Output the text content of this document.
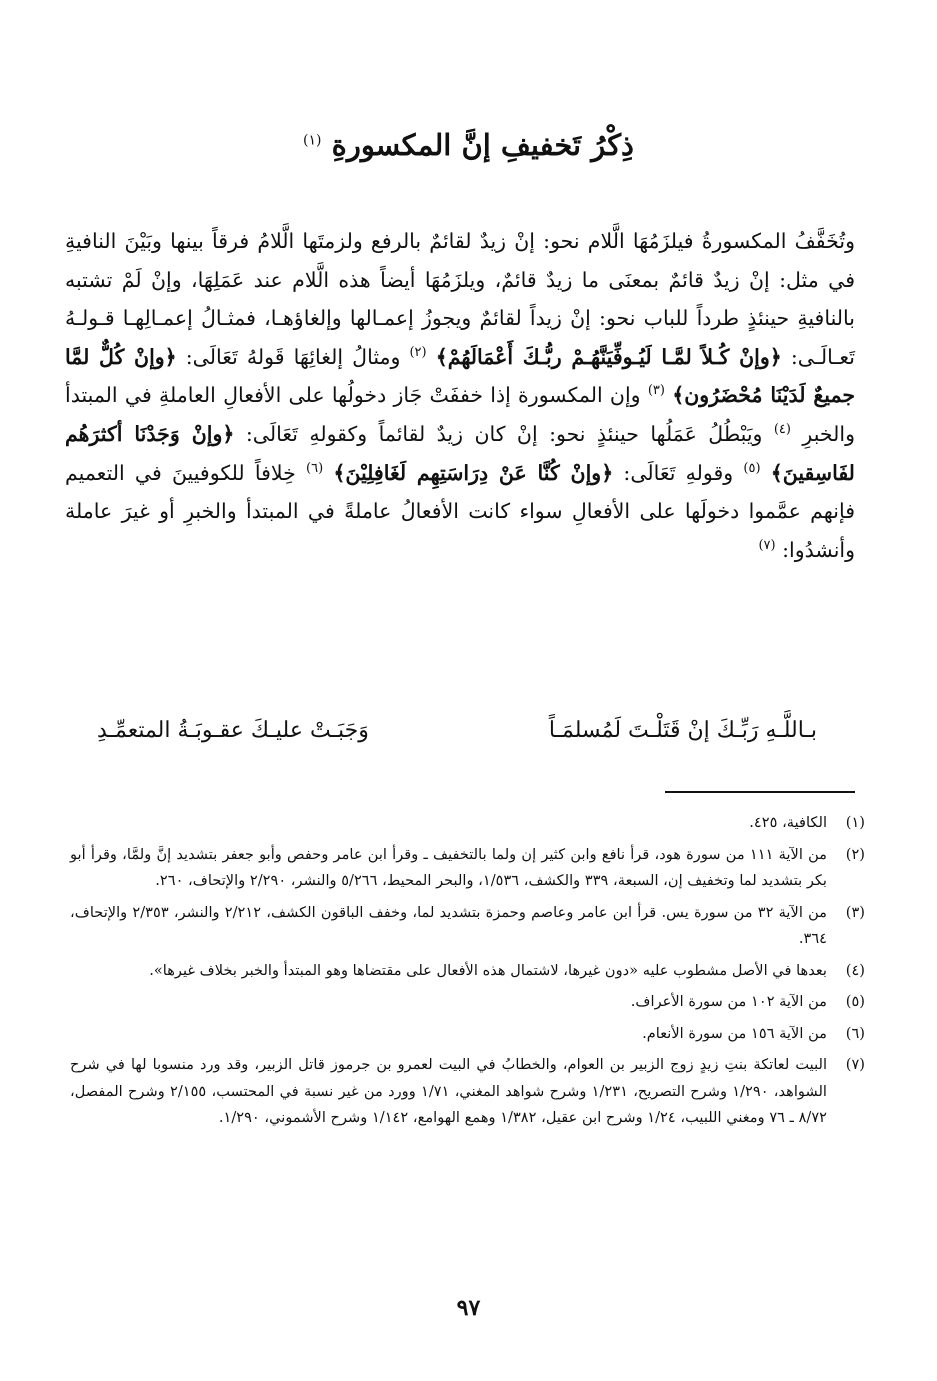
ذِكْرُ تَخفيفِ إنَّ المكسورةِ $^{(١)}$

وتُخَفَّفُ المكسورةُ فيلزَمُهَا الَّلام نحو: إنْ زيدٌ لقائمٌ بالرفع ولزمتَها الَّلامُ فرقاً بينها وبَيْنَ النافيةِ في مثل: إنْ زيدٌ قائمٌ بمعنَى ما زيدٌ قائمٌ، ويلزَمُهَا أيضاً هذه الَّلام عند عَمَلِهَا، وإنْ لَمْ تشتبه بالنافيةِ حينئذٍ طرداً للباب نحو: إنْ زيداً لقائمٌ ويجوزُ إعمـالها وإلغاؤهـا، فمثـالُ إعمـالِهـا قـولـهُ تَعـالَـى: ﴿وإنْ كُـلاً لمَّـا لَيُـوفِّيَنَّهُـمْ ربُّـكَ أَعْمَالَهُمْ﴾ $^{(٢)}$ ومثالُ إلغائِهَا قَولهُ تَعَالَى: ﴿وإنْ كُلٌّ لمَّا جميعٌ لَدَيْنَا مُحْضَرُون﴾ $^{(٣)}$ وإن المكسورة إذا خففَتْ جَاز دخولُها على الأفعالِ العاملةِ في المبتدأ والخبرِ $^{(٤)}$ ويَبْطُلُ عَمَلُها حينئذٍ نحو: إنْ كان زيدٌ لقائماً وكقولهِ تَعَالَى: ﴿وإنْ وَجَدْنَا أكثرَهُم لفَاسِقينَ﴾ $^{(٥)}$ وقولهِ تَعَالَى: ﴿وإنْ كُنَّا عَنْ دِرَاسَتِهِم لَغَافِلِيْنَ﴾ $^{(٦)}$ خِلافاً للكوفيينَ في التعميم فإنهم عمَّموا دخولَها على الأفعالِ سواء كانت الأفعالُ عاملةً في المبتدأ والخبرِ أو غيرَ عاملة وأنشدُوا: $^{(٧)}$

بـاللَّـهِ رَبِّـكَ إنْ قَتَلْـتَ لَمُسلمَـاً
وَجَبَـتْ عليـكَ عقـوبَـةُ المتعمِّـدِ
(١)
الكافية، ٤٢٥.
(٢)
من الآية ١١١ من سورة هود، قرأ نافع وابن كثير إن ولما بالتخفيف ـ وقرأ ابن عامر وحفص وأبو جعفر بتشديد إنَّ ولمَّا، وقرأ أبو بكر بتشديد لما وتخفيف إن، السبعة، ٣٣٩ والكشف، ١/٥٣٦، والبحر المحيط، ٥/٢٦٦ والنشر، ٢/٢٩٠ والإتحاف، ٢٦٠.
(٣)
من الآية ٣٢ من سورة يس. قرأ ابن عامر وعاصم وحمزة بتشديد لما، وخفف الباقون الكشف، ٢/٢١٢ والنشر، ٢/٣٥٣ والإتحاف، ٣٦٤.
(٤)
بعدها في الأصل مشطوب عليه «دون غيرها، لاشتمال هذه الأفعال على مقتضاها وهو المبتدأ والخبر بخلاف غيرها».
(٥)
من الآية ١٠٢ من سورة الأعراف.
(٦)
من الآية ١٥٦ من سورة الأنعام.
(٧)
البيت لعاتكة بنتِ زيدٍ زوج الزبير بن العوام، والخطابُ في البيت لعمرو بن جرموز قاتل الزبير، وقد ورد منسوبا لها في شرح الشواهد، ١/٢٩٠ وشرح التصريح، ١/٢٣١ وشرح شواهد المغني، ١/٧١ وورد من غير نسبة في المحتسب، ٢/١٥٥ وشرح المفصل، ٨/٧٢ ـ ٧٦ ومغني اللبيب، ١/٢٤ وشرح ابن عقيل، ١/٣٨٢ وهمع الهوامع، ١/١٤٢ وشرح الأشموني، ١/٢٩٠.
٩٧
